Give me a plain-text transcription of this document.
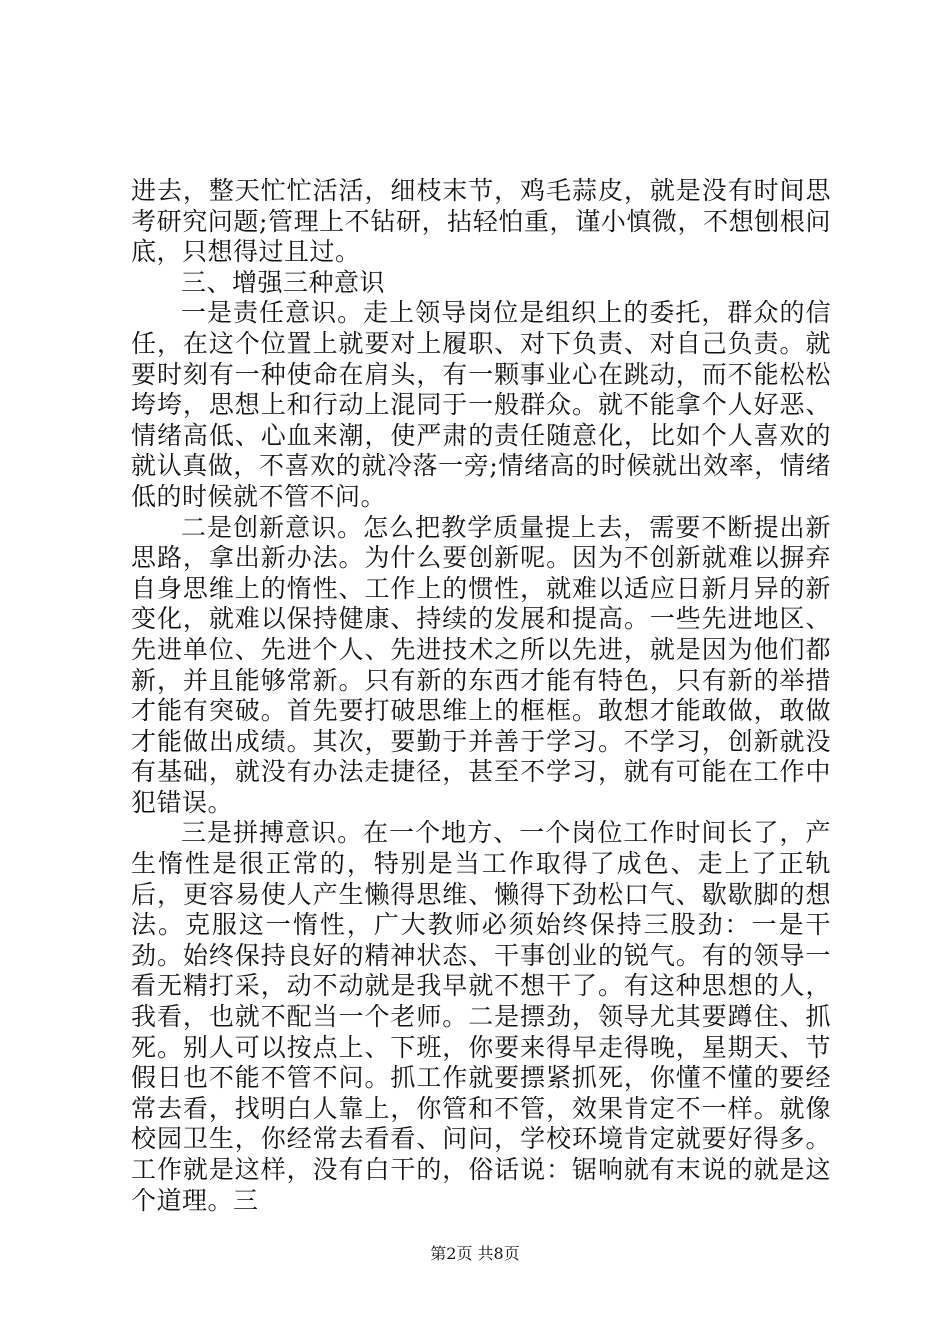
进去，整天忙忙活活，细枝末节，鸡毛蒜皮，就是没有时间思考研究问题;管理上不钻研，拈轻怕重，谨小慎微，不想刨根问底，只想得过且过。

三、增强三种意识

一是责任意识。走上领导岗位是组织上的委托，群众的信任，在这个位置上就要对上履职、对下负责、对自己负责。就要时刻有一种使命在肩头，有一颗事业心在跳动，而不能松松垮垮，思想上和行动上混同于一般群众。就不能拿个人好恶、情绪高低、心血来潮，使严肃的责任随意化，比如个人喜欢的就认真做，不喜欢的就冷落一旁;情绪高的时候就出效率，情绪低的时候就不管不问。

二是创新意识。怎么把教学质量提上去，需要不断提出新思路，拿出新办法。为什么要创新呢。因为不创新就难以摒弃自身思维上的惰性、工作上的惯性，就难以适应日新月异的新变化，就难以保持健康、持续的发展和提高。一些先进地区、先进单位、先进个人、先进技术之所以先进，就是因为他们都新，并且能够常新。只有新的东西才能有特色，只有新的举措才能有突破。首先要打破思维上的框框。敢想才能敢做，敢做才能做出成绩。其次，要勤于并善于学习。不学习，创新就没有基础，就没有办法走捷径，甚至不学习，就有可能在工作中犯错误。

三是拼搏意识。在一个地方、一个岗位工作时间长了，产生惰性是很正常的，特别是当工作取得了成色、走上了正轨后，更容易使人产生懒得思维、懒得下劲松口气、歇歇脚的想法。克服这一惰性，广大教师必须始终保持三股劲：一是干劲。始终保持良好的精神状态、干事创业的锐气。有的领导一看无精打采，动不动就是我早就不想干了。有这种思想的人，我看，也就不配当一个老师。二是摽劲，领导尤其要蹲住、抓死。别人可以按点上、下班，你要来得早走得晚，星期天、节假日也不能不管不问。抓工作就要摽紧抓死，你懂不懂的要经常去看，找明白人靠上，你管和不管，效果肯定不一样。就像校园卫生，你经常去看看、问问，学校环境肯定就要好得多。工作就是这样，没有白干的，俗话说：锯响就有末说的就是这个道理。三

第2页 共8页
